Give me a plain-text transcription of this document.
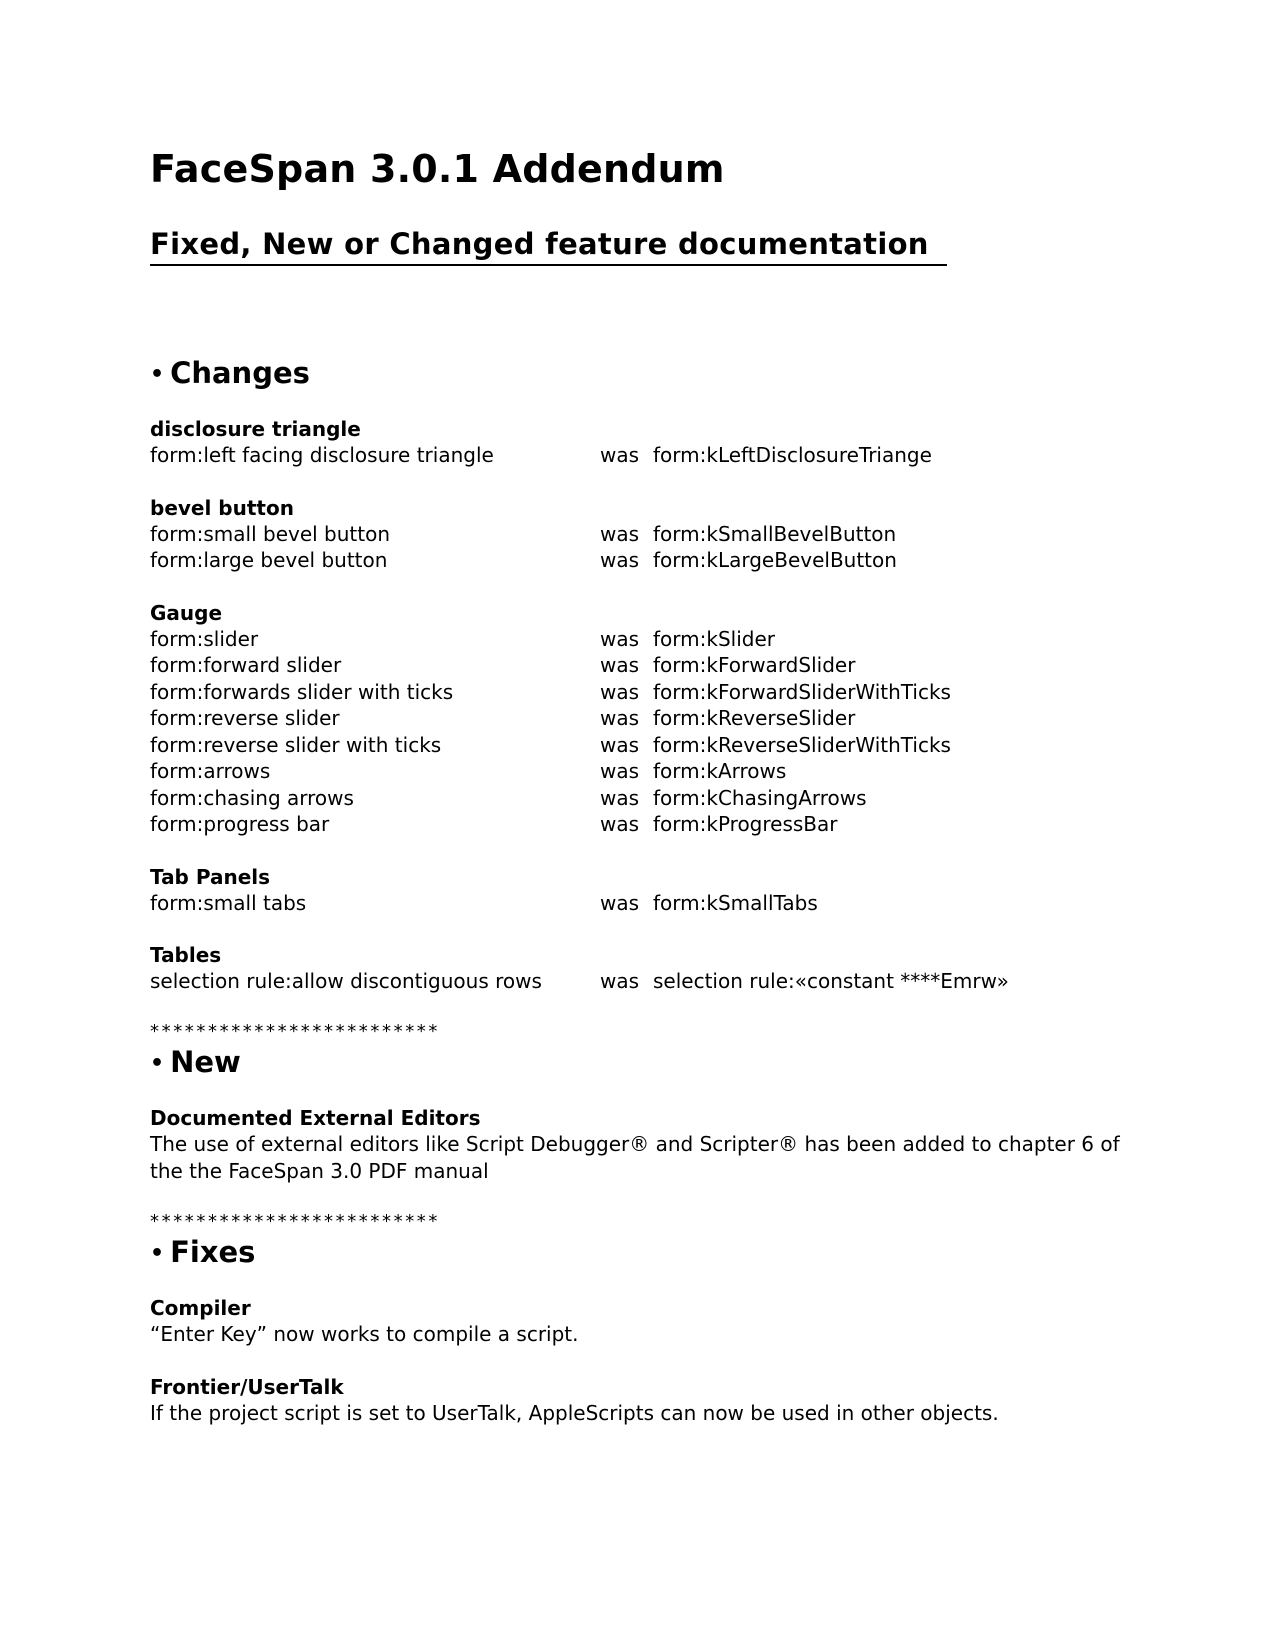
FaceSpan 3.0.1 Addendum
Fixed, New or Changed feature documentation
• Changes
disclosure triangle
form:left facing disclosure triangle	was form:kLeftDisclosureTriange
bevel button
form:small bevel button	was form:kSmallBevelButton
form:large bevel button	was form:kLargeBevelButton
Gauge
form:slider	was form:kSlider
form:forward slider	was form:kForwardSlider
form:forwards slider with ticks	was form:kForwardSliderWithTicks
form:reverse slider	was form:kReverseSlider
form:reverse slider with ticks	was form:kReverseSliderWithTicks
form:arrows	was form:kArrows
form:chasing arrows	was form:kChasingArrows
form:progress bar	was form:kProgressBar
Tab Panels
form:small tabs	was form:kSmallTabs
Tables
selection rule:allow discontiguous rows	was selection rule:«constant ****Emrw»
*************************
• New
Documented External Editors
The use of external editors like Script Debugger® and Scripter® has been added to chapter 6 of the the FaceSpan 3.0 PDF manual
*************************
• Fixes
Compiler
“Enter Key” now works to compile a script.
Frontier/UserTalk
If the project script is set to UserTalk, AppleScripts can now be used in other objects.
